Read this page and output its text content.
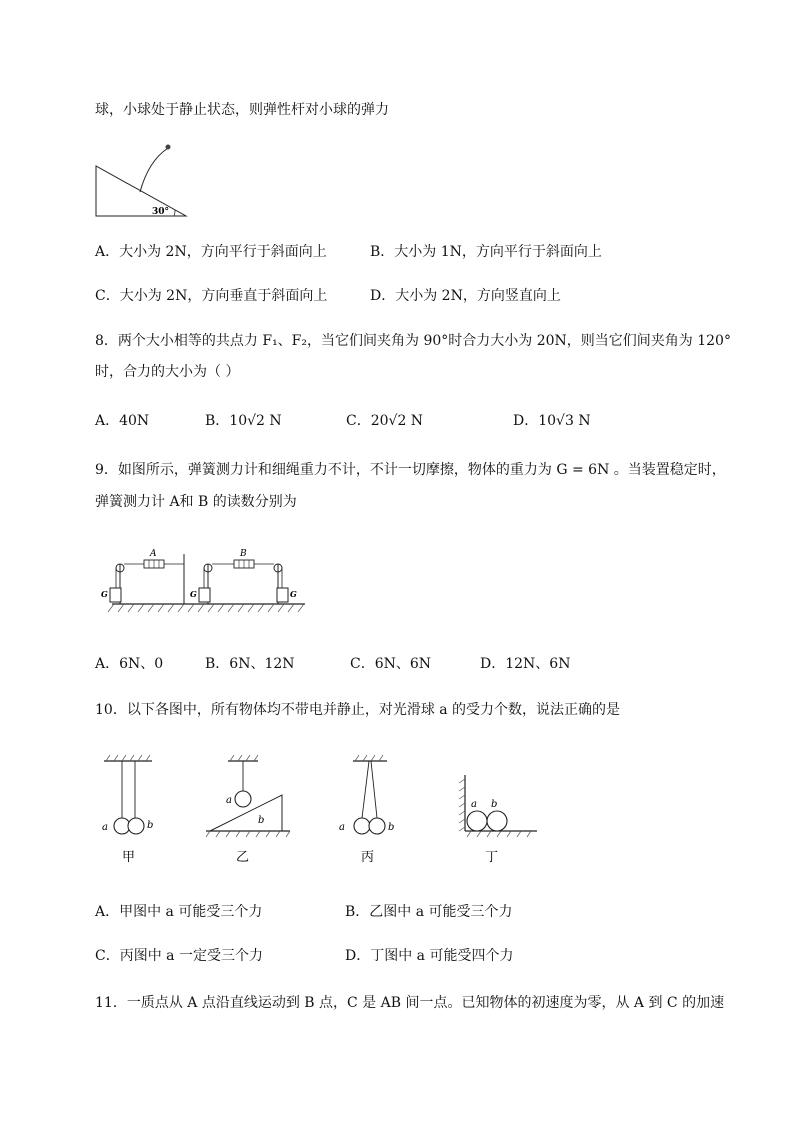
球，小球处于静止状态，则弹性杆对小球的弹力
30°
A．大小为 2N，方向平行于斜面向上	B．大小为 1N，方向平行于斜面向上
C．大小为 2N，方向垂直于斜面向上	D．大小为 2N，方向竖直向上
8．两个大小相等的共点力 F₁、F₂，当它们间夹角为 90°时合力大小为 20N，则当它们间夹角为 120°
时，合力的大小为（ ）
A．40N	B．10√2 N	C．20√2 N	D．10√3 N
9．如图所示，弹簧测力计和细绳重力不计，不计一切摩擦，物体的重力为 G = 6N 。当装置稳定时，
弹簧测力计 A和 B 的读数分别为
A
G
B
G	G
A．6N、0	B．6N、12N	C．6N、6N	D．12N、6N
10．以下各图中，所有物体均不带电并静止，对光滑球 a 的受力个数，说法正确的是
a	b
甲
a
b
乙
a	b
丙
a b
丁
A．甲图中 a 可能受三个力	B．乙图中 a 可能受三个力
C．丙图中 a 一定受三个力	D．丁图中 a 可能受四个力
11．一质点从 A 点沿直线运动到 B 点，C 是 AB 间一点。已知物体的初速度为零，从 A 到 C 的加速
